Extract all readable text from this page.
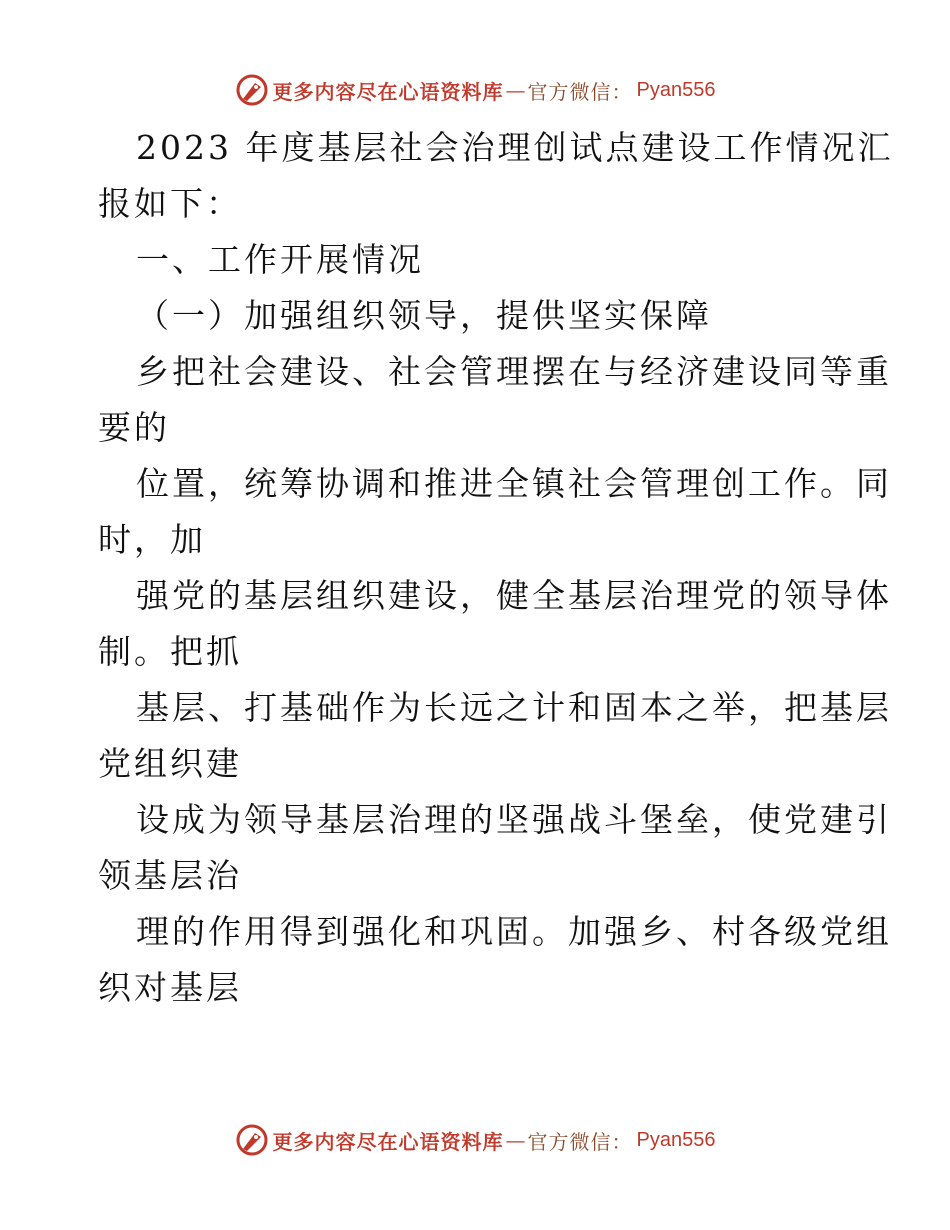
更多内容尽在心语资料库 — 官方微信： Pyan556
2023 年度基层社会治理创试点建设工作情况汇
报如下：
一、工作开展情况
（一）加强组织领导，提供坚实保障
乡把社会建设、社会管理摆在与经济建设同等重
要的
位置，统筹协调和推进全镇社会管理创工作。同
时，加
强党的基层组织建设，健全基层治理党的领导体
制。把抓
基层、打基础作为长远之计和固本之举，把基层
党组织建
设成为领导基层治理的坚强战斗堡垒，使党建引
领基层治
理的作用得到强化和巩固。加强乡、村各级党组
织对基层
更多内容尽在心语资料库 — 官方微信： Pyan556
